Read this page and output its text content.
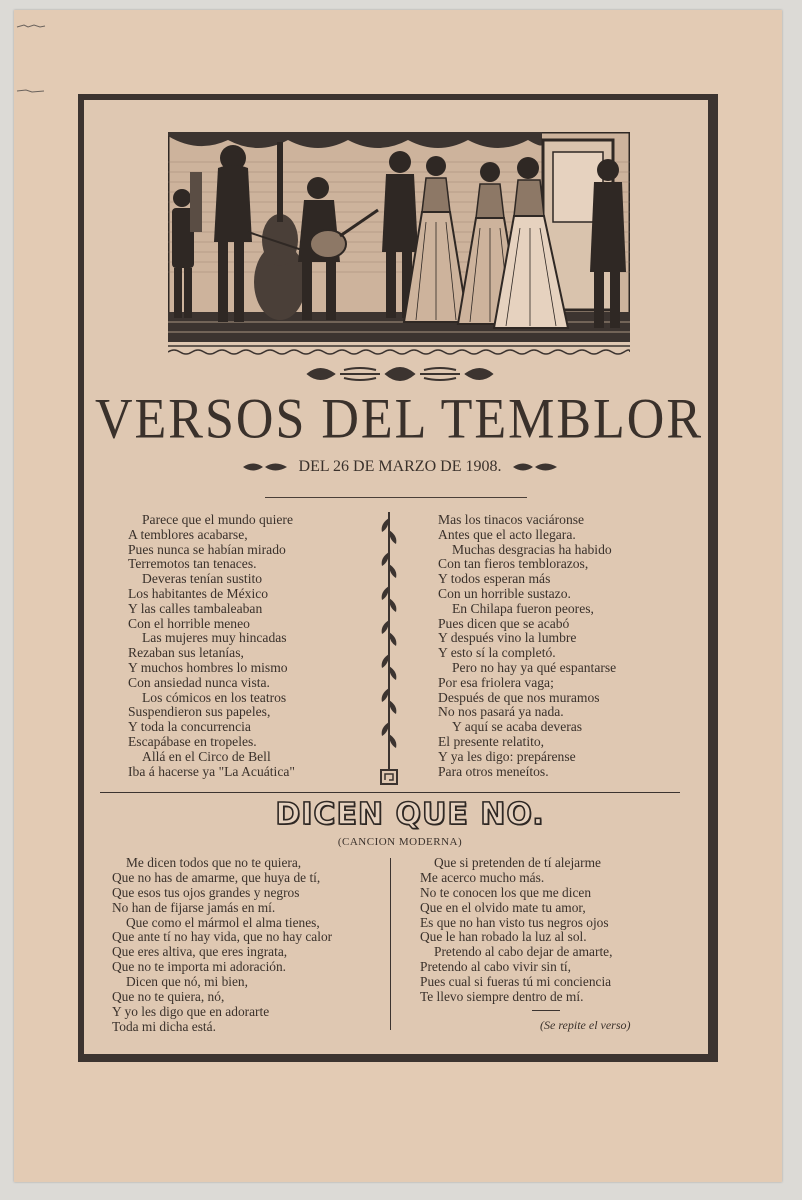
VERSOS DEL TEMBLOR
DEL 26 DE MARZO DE 1908.
Parece que el mundo quiere
A temblores acabarse,
Pues nunca se habían mirado
Terremotos tan tenaces.
Deveras tenían sustito
Los habitantes de México
Y las calles tambaleaban
Con el horrible meneo
Las mujeres muy hincadas
Rezaban sus letanías,
Y muchos hombres lo mismo
Con ansiedad nunca vista.
Los cómicos en los teatros
Suspendieron sus papeles,
Y toda la concurrencia
Escapábase en tropeles.
Allá en el Circo de Bell
Iba á hacerse ya "La Acuática"
Mas los tinacos vaciáronse
Antes que el acto llegara.
Muchas desgracias ha habido
Con tan fieros temblorazos,
Y todos esperan más
Con un horrible sustazo.
En Chilapa fueron peores,
Pues dicen que se acabó
Y después vino la lumbre
Y esto sí la completó.
Pero no hay ya qué espantarse
Por esa friolera vaga;
Después de que nos muramos
No nos pasará ya nada.
Y aquí se acaba deveras
El presente relatito,
Y ya les digo: prepárense
Para otros meneítos.
DICEN QUE NO.
(CANCION MODERNA)
Me dicen todos que no te quiera,
Que no has de amarme, que huya de tí,
Que esos tus ojos grandes y negros
No han de fijarse jamás en mí.
Que como el mármol el alma tienes,
Que ante tí no hay vida, que no hay calor
Que eres altiva, que eres ingrata,
Que no te importa mi adoración.
Dicen que nó, mi bien,
Que no te quiera, nó,
Y yo les digo que en adorarte
Toda mi dicha está.
Que si pretenden de tí alejarme
Me acerco mucho más.
No te conocen los que me dicen
Que en el olvido mate tu amor,
Es que no han visto tus negros ojos
Que le han robado la luz al sol.
Pretendo al cabo dejar de amarte,
Pretendo al cabo vivir sin tí,
Pues cual si fueras tú mi conciencia
Te llevo siempre dentro de mí.
(Se repite el verso)
